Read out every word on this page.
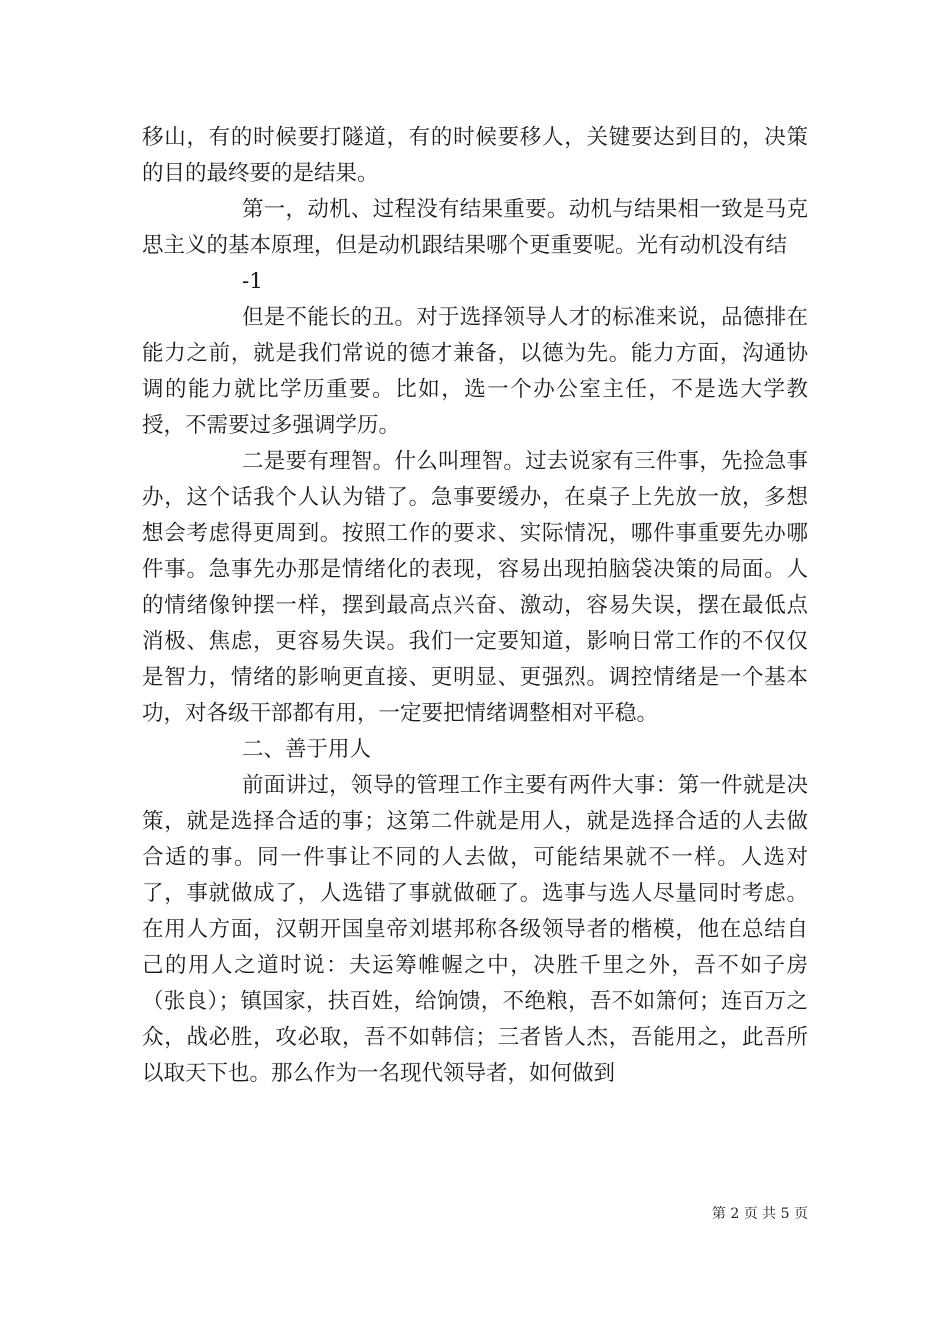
移山，有的时候要打隧道，有的时候要移人，关键要达到目的，决策的目的最终要的是结果。

第一，动机、过程没有结果重要。动机与结果相一致是马克思主义的基本原理，但是动机跟结果哪个更重要呢。光有动机没有结

-1

但是不能长的丑。对于选择领导人才的标准来说，品德排在能力之前，就是我们常说的德才兼备，以德为先。能力方面，沟通协调的能力就比学历重要。比如，选一个办公室主任，不是选大学教授，不需要过多强调学历。

二是要有理智。什么叫理智。过去说家有三件事，先捡急事办，这个话我个人认为错了。急事要缓办，在桌子上先放一放，多想想会考虑得更周到。按照工作的要求、实际情况，哪件事重要先办哪件事。急事先办那是情绪化的表现，容易出现拍脑袋决策的局面。人的情绪像钟摆一样，摆到最高点兴奋、激动，容易失误，摆在最低点消极、焦虑，更容易失误。我们一定要知道，影响日常工作的不仅仅是智力，情绪的影响更直接、更明显、更强烈。调控情绪是一个基本功，对各级干部都有用，一定要把情绪调整相对平稳。

二、善于用人

前面讲过，领导的管理工作主要有两件大事：第一件就是决策，就是选择合适的事；这第二件就是用人，就是选择合适的人去做合适的事。同一件事让不同的人去做，可能结果就不一样。人选对了，事就做成了，人选错了事就做砸了。选事与选人尽量同时考虑。在用人方面，汉朝开国皇帝刘堪邦称各级领导者的楷模，他在总结自己的用人之道时说：夫运筹帷幄之中，决胜千里之外，吾不如子房（张良）；镇国家，扶百姓，给饷馈，不绝粮，吾不如箫何；连百万之众，战必胜，攻必取，吾不如韩信；三者皆人杰，吾能用之，此吾所以取天下也。那么作为一名现代领导者，如何做到

第 2 页 共 5 页
